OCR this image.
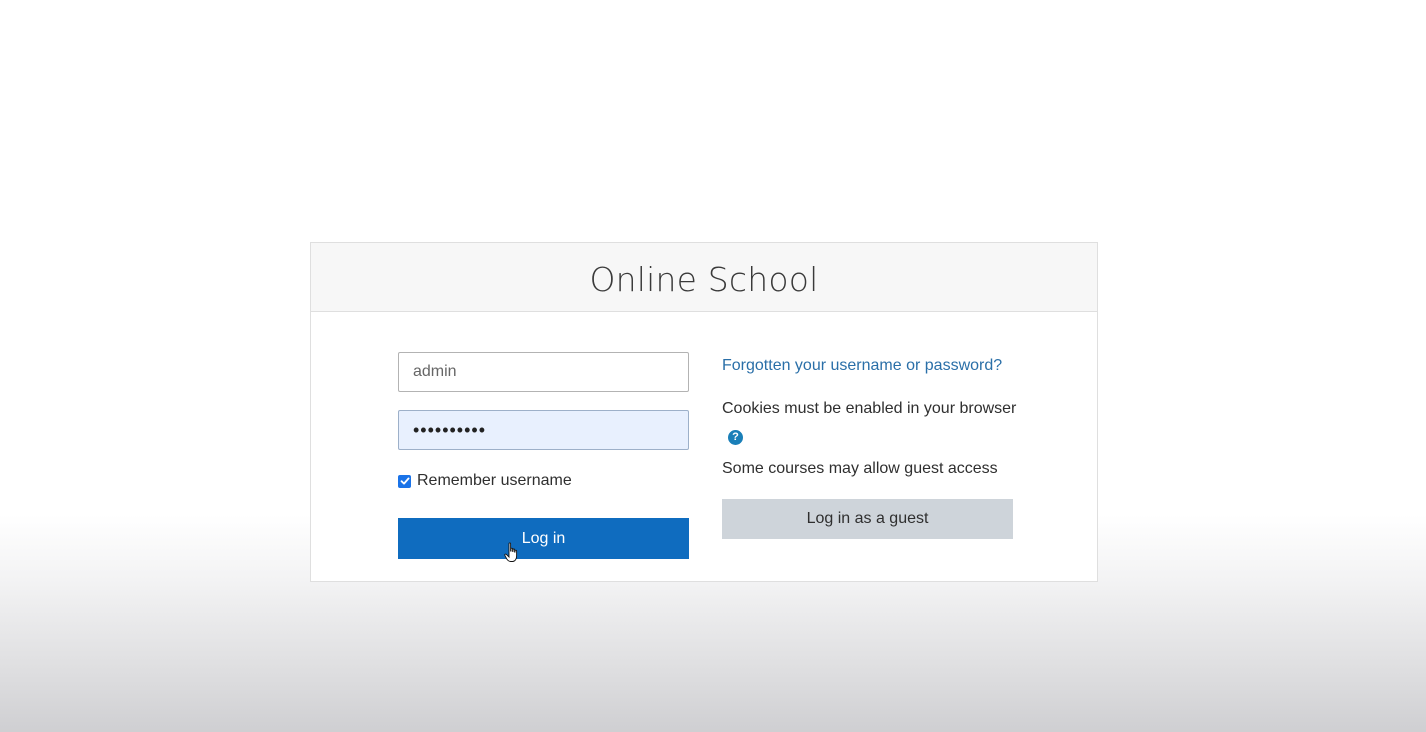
Online School
admin
••••••••••
Remember username
Log in
Forgotten your username or password?
Cookies must be enabled in your browser?
Some courses may allow guest access
Log in as a guest
